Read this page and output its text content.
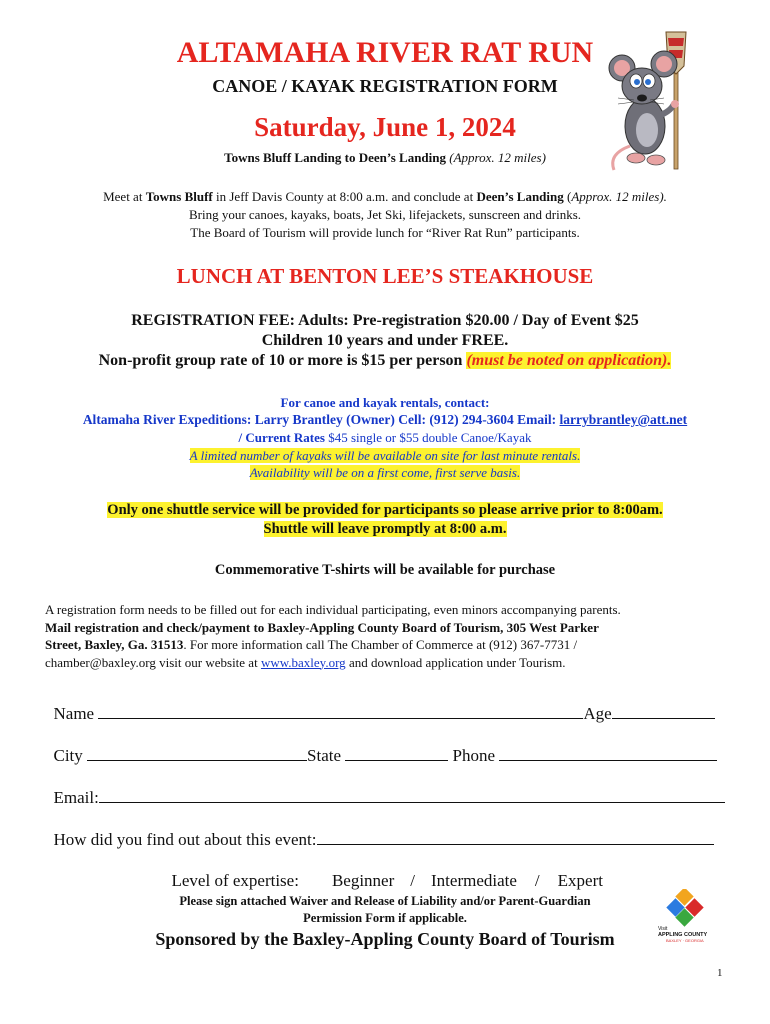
ALTAMAHA RIVER RAT RUN
CANOE / KAYAK REGISTRATION FORM
Saturday, June 1, 2024
Towns Bluff Landing to Deen’s Landing (Approx. 12 miles)
Meet at Towns Bluff in Jeff Davis County at 8:00 a.m. and conclude at Deen’s Landing (Approx. 12 miles).
Bring your canoes, kayaks, boats, Jet Ski, lifejackets, sunscreen and drinks.
The Board of Tourism will provide lunch for “River Rat Run” participants.
LUNCH AT BENTON LEE’S STEAKHOUSE
REGISTRATION FEE: Adults: Pre-registration $20.00 / Day of Event $25
Children 10 years and under FREE.
Non-profit group rate of 10 or more is $15 per person (must be noted on application).
For canoe and kayak rentals, contact:
Altamaha River Expeditions: Larry Brantley (Owner) Cell: (912) 294-3604 Email: larrybrantley@att.net
/ Current Rates $45 single or $55 double Canoe/Kayak
A limited number of kayaks will be available on site for last minute rentals.
Availability will be on a first come, first serve basis.
Only one shuttle service will be provided for participants so please arrive prior to 8:00am.
Shuttle will leave promptly at 8:00 a.m.
Commemorative T-shirts will be available for purchase
A registration form needs to be filled out for each individual participating, even minors accompanying parents.
Mail registration and check/payment to Baxley-Appling County Board of Tourism, 305 West Parker
Street, Baxley, Ga. 31513. For more information call The Chamber of Commerce at (912) 367-7731 /
chamber@baxley.org visit our website at www.baxley.org and download application under Tourism.

Name	Age

City	State	Phone

Email:

How did you find out about this event:

Level of expertise: Beginner / Intermediate / Expert

Please sign attached Waiver and Release of Liability and/or Parent-Guardian
Permission Form if applicable.
Sponsored by the Baxley-Appling County Board of Tourism	Visit
APPLING COUNTY
BAXLEY · GEORGIA
1
